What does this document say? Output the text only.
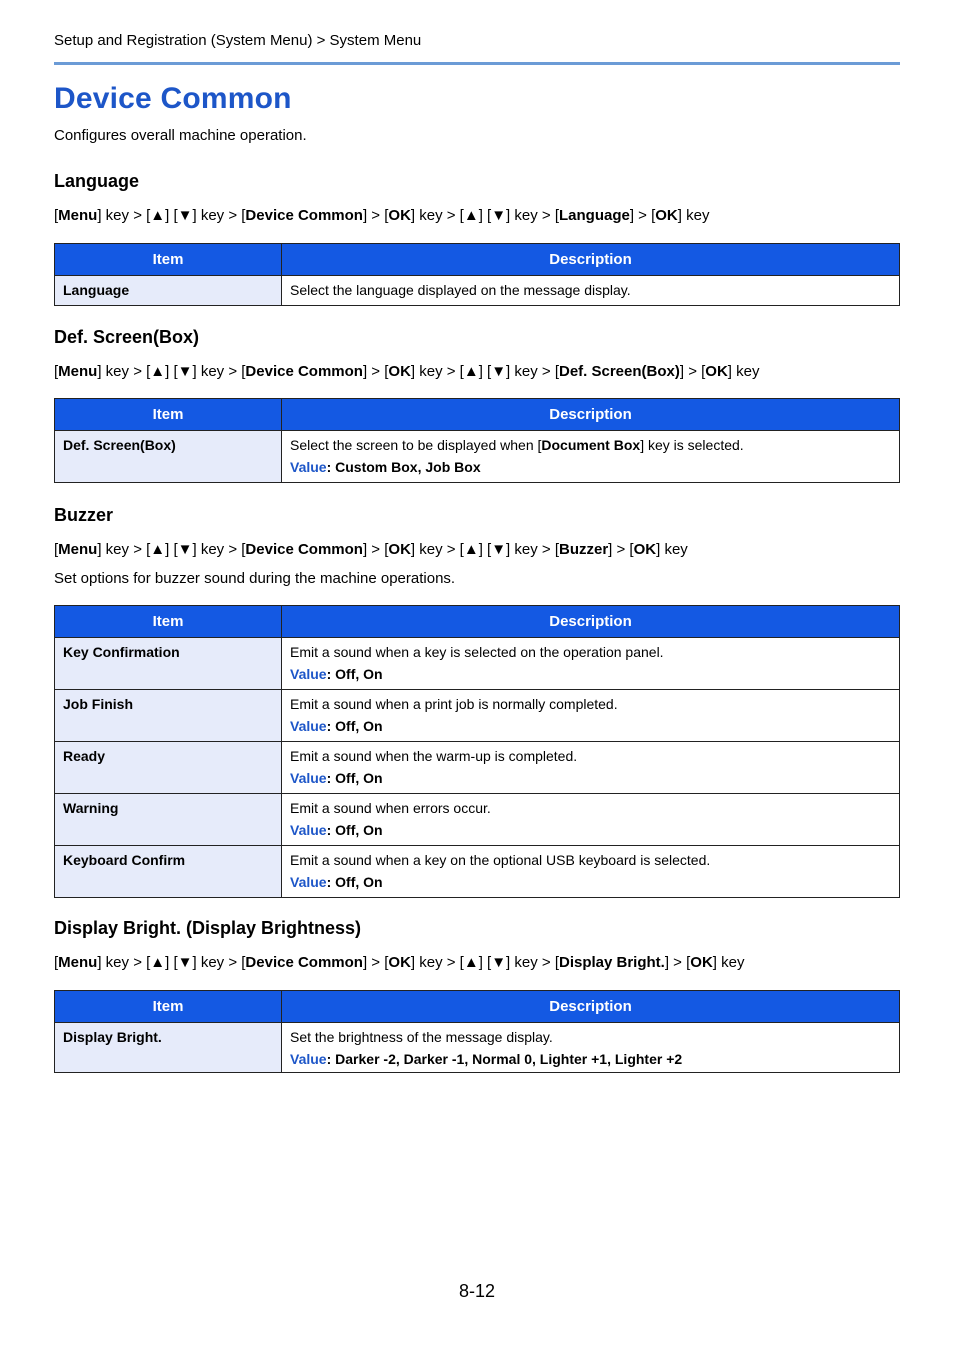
Setup and Registration (System Menu) > System Menu
Device Common
Configures overall machine operation.
Language
[Menu] key > [▲] [▼] key > [Device Common] > [OK] key > [▲] [▼] key > [Language] > [OK] key
Item	Description
Language	Select the language displayed on the message display.
Def. Screen(Box)
[Menu] key > [▲] [▼] key > [Device Common] > [OK] key > [▲] [▼] key > [Def. Screen(Box)] > [OK] key
Item	Description
Def. Screen(Box)	Select the screen to be displayed when [Document Box] key is selected.
Value: Custom Box, Job Box
Buzzer
[Menu] key > [▲] [▼] key > [Device Common] > [OK] key > [▲] [▼] key > [Buzzer] > [OK] key
Set options for buzzer sound during the machine operations.
Item	Description
Key Confirmation	Emit a sound when a key is selected on the operation panel.
Value: Off, On

Job Finish	Emit a sound when a print job is normally completed.
Value: Off, On

Ready	Emit a sound when the warm-up is completed.
Value: Off, On

Warning	Emit a sound when errors occur.
Value: Off, On

Keyboard Confirm	Emit a sound when a key on the optional USB keyboard is selected.
Value: Off, On
Display Bright. (Display Brightness)
[Menu] key > [▲] [▼] key > [Device Common] > [OK] key > [▲] [▼] key > [Display Bright.] > [OK] key
Item	Description
Display Bright.	Set the brightness of the message display.
Value: Darker -2, Darker -1, Normal 0, Lighter +1, Lighter +2
8-12
